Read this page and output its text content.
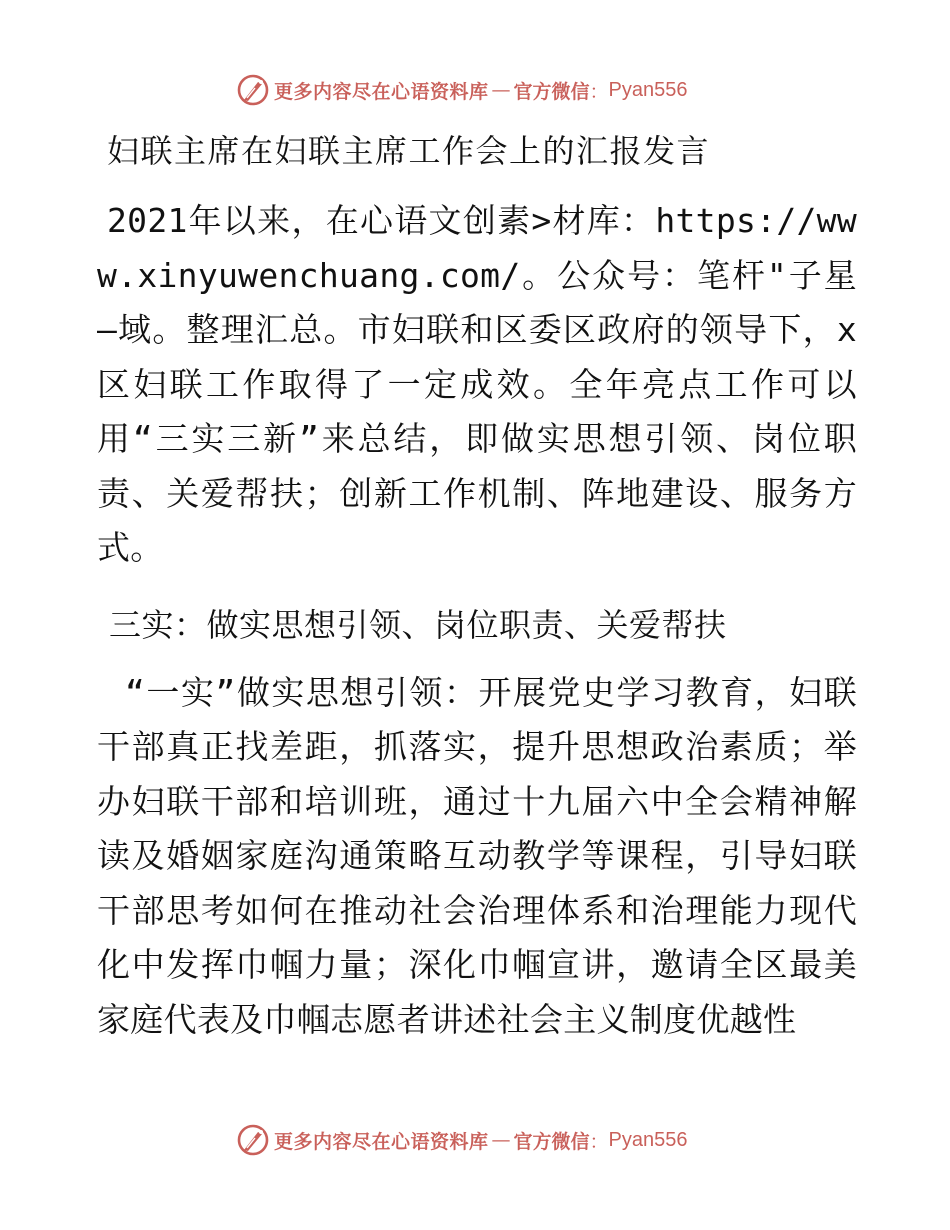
更多内容尽在心语资料库 — 官方微信 ： Pyan556
妇联主席在妇联主席工作会上的汇报发言

2021年以来，在心语文创素>材库：https://www.xinyuwenchuang.com/。公众号：笔杆"子星—域。整理汇总。市妇联和区委区政府的领导下，x区妇联工作取得了一定成效。全年亮点工作可以用“三实三新”来总结，即做实思想引领、岗位职责、关爱帮扶；创新工作机制、阵地建设、服务方式。

三实：做实思想引领、岗位职责、关爱帮扶

“一实”做实思想引领：开展党史学习教育，妇联干部真正找差距，抓落实，提升思想政治素质；举办妇联干部和培训班，通过十九届六中全会精神解读及婚姻家庭沟通策略互动教学等课程，引导妇联干部思考如何在推动社会治理体系和治理能力现代化中发挥巾帼力量；深化巾帼宣讲，邀请全区最美家庭代表及巾帼志愿者讲述社会主义制度优越性

更多内容尽在心语资料库 — 官方微信 ： Pyan556
